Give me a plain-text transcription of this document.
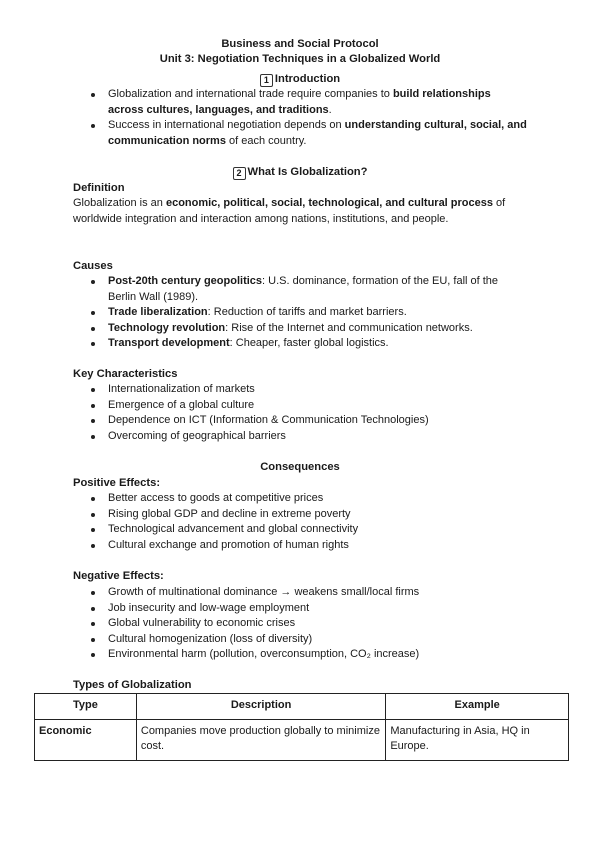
Business and Social Protocol
Unit 3: Negotiation Techniques in a Globalized World
1 Introduction
Globalization and international trade require companies to build relationships across cultures, languages, and traditions.
Success in international negotiation depends on understanding cultural, social, and communication norms of each country.
2 What Is Globalization?
Definition
Globalization is an economic, political, social, technological, and cultural process of worldwide integration and interaction among nations, institutions, and people.
Causes
Post-20th century geopolitics: U.S. dominance, formation of the EU, fall of the Berlin Wall (1989).
Trade liberalization: Reduction of tariffs and market barriers.
Technology revolution: Rise of the Internet and communication networks.
Transport development: Cheaper, faster global logistics.
Key Characteristics
Internationalization of markets
Emergence of a global culture
Dependence on ICT (Information & Communication Technologies)
Overcoming of geographical barriers
Consequences
Positive Effects:
Better access to goods at competitive prices
Rising global GDP and decline in extreme poverty
Technological advancement and global connectivity
Cultural exchange and promotion of human rights
Negative Effects:
Growth of multinational dominance → weakens small/local firms
Job insecurity and low-wage employment
Global vulnerability to economic crises
Cultural homogenization (loss of diversity)
Environmental harm (pollution, overconsumption, CO₂ increase)
Types of Globalization
Type	Description	Example
Economic	Companies move production globally to minimize cost.	Manufacturing in Asia, HQ in Europe.
